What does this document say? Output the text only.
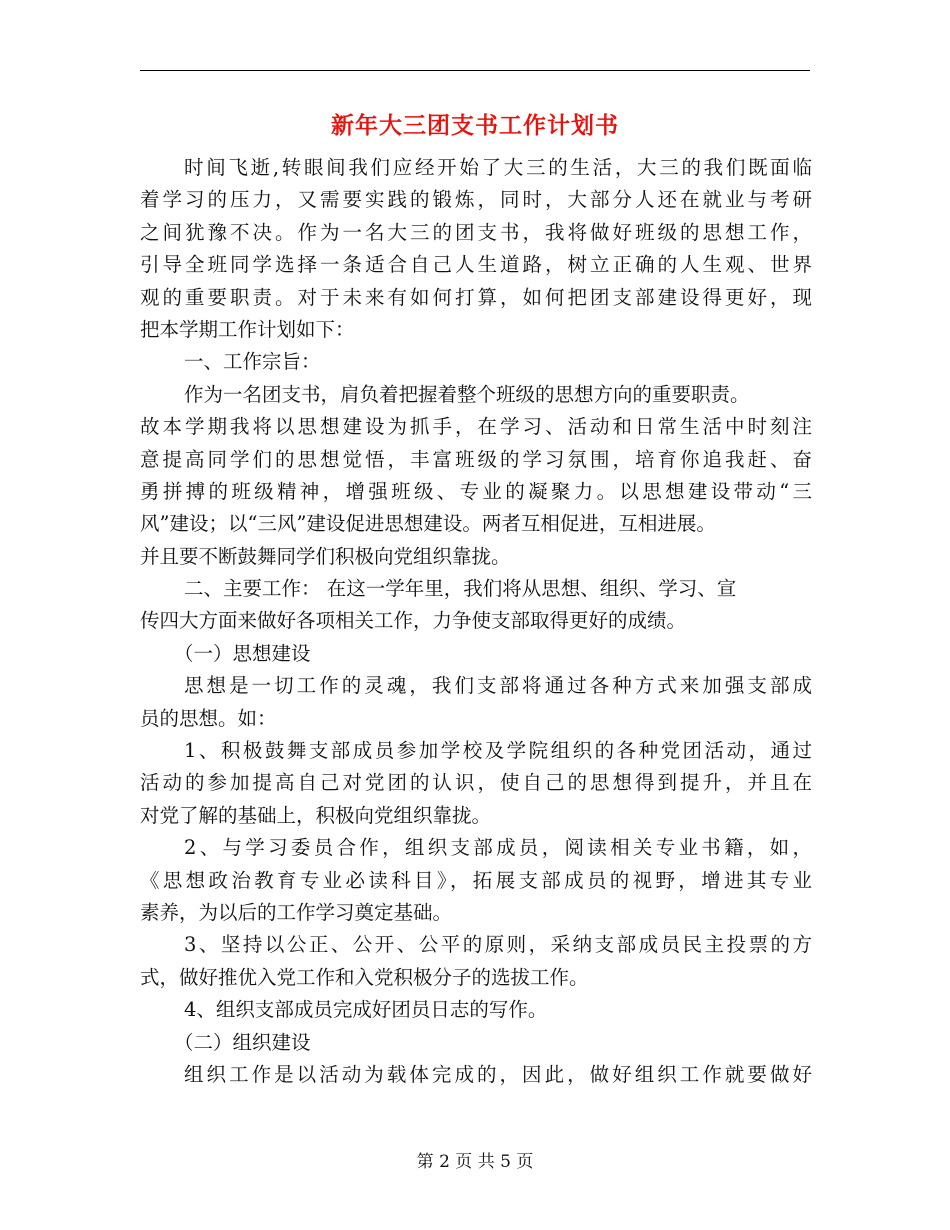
新年大三团支书工作计划书
时间飞逝,转眼间我们应经开始了大三的生活，大三的我们既面临
着学习的压力，又需要实践的锻炼，同时，大部分人还在就业与考研
之间犹豫不决。作为一名大三的团支书，我将做好班级的思想工作，
引导全班同学选择一条适合自己人生道路，树立正确的人生观、世界
观的重要职责。对于未来有如何打算，如何把团支部建设得更好，现
把本学期工作计划如下：
一、工作宗旨：
作为一名团支书，肩负着把握着整个班级的思想方向的重要职责。
故本学期我将以思想建设为抓手，在学习、活动和日常生活中时刻注
意提高同学们的思想觉悟，丰富班级的学习氛围，培育你追我赶、奋
勇拼搏的班级精神，增强班级、专业的凝聚力。以思想建设带动“三
风”建设；以“三风”建设促进思想建设。两者互相促进，互相进展。
并且要不断鼓舞同学们积极向党组织靠拢。
二、主要工作： 在这一学年里，我们将从思想、组织、学习、宣
传四大方面来做好各项相关工作，力争使支部取得更好的成绩。
（一）思想建设
思想是一切工作的灵魂，我们支部将通过各种方式来加强支部成
员的思想。如：
1、积极鼓舞支部成员参加学校及学院组织的各种党团活动，通过
活动的参加提高自己对党团的认识，使自己的思想得到提升，并且在
对党了解的基础上，积极向党组织靠拢。
2、与学习委员合作，组织支部成员，阅读相关专业书籍，如，
《思想政治教育专业必读科目》，拓展支部成员的视野，增进其专业
素养，为以后的工作学习奠定基础。
3、坚持以公正、公开、公平的原则，采纳支部成员民主投票的方
式，做好推优入党工作和入党积极分子的选拔工作。
4、组织支部成员完成好团员日志的写作。
（二）组织建设
组织工作是以活动为载体完成的，因此，做好组织工作就要做好
第 2 页 共 5 页
